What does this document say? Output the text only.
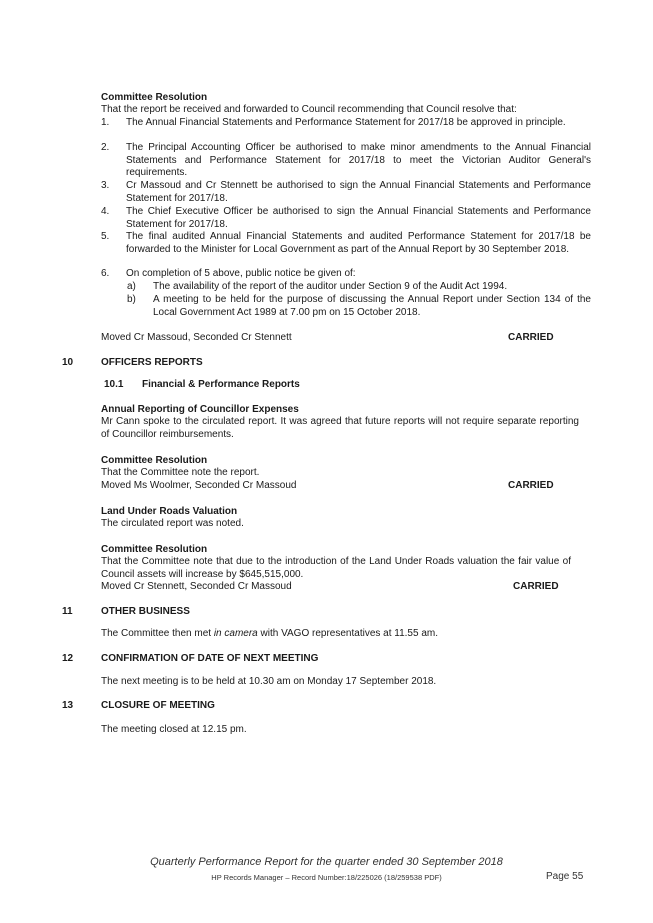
Committee Resolution
That the report be received and forwarded to Council recommending that Council resolve that:
1. The Annual Financial Statements and Performance Statement for 2017/18 be approved in principle.
2. The Principal Accounting Officer be authorised to make minor amendments to the Annual Financial Statements and Performance Statement for 2017/18 to meet the Victorian Auditor General's requirements.
3. Cr Massoud and Cr Stennett be authorised to sign the Annual Financial Statements and Performance Statement for 2017/18.
4. The Chief Executive Officer be authorised to sign the Annual Financial Statements and Performance Statement for 2017/18.
5. The final audited Annual Financial Statements and audited Performance Statement for 2017/18 be forwarded to the Minister for Local Government as part of the Annual Report by 30 September 2018.
6. On completion of 5 above, public notice be given of:
a) The availability of the report of the auditor under Section 9 of the Audit Act 1994.
b) A meeting to be held for the purpose of discussing the Annual Report under Section 134 of the Local Government Act 1989 at 7.00 pm on 15 October 2018.
Moved Cr Massoud, Seconded Cr Stennett	CARRIED
10	OFFICERS REPORTS
10.1 Financial & Performance Reports
Annual Reporting of Councillor Expenses
Mr Cann spoke to the circulated report. It was agreed that future reports will not require separate reporting of Councillor reimbursements.
Committee Resolution
That the Committee note the report.
Moved Ms Woolmer, Seconded Cr Massoud	CARRIED
Land Under Roads Valuation
The circulated report was noted.
Committee Resolution
That the Committee note that due to the introduction of the Land Under Roads valuation the fair value of Council assets will increase by $645,515,000.
Moved Cr Stennett, Seconded Cr Massoud	CARRIED
11	OTHER BUSINESS
The Committee then met in camera with VAGO representatives at 11.55 am.
12	CONFIRMATION OF DATE OF NEXT MEETING
The next meeting is to be held at 10.30 am on Monday 17 September 2018.
13	CLOSURE OF MEETING
The meeting closed at 12.15 pm.
Quarterly Performance Report for the quarter ended 30 September 2018
HP Records Manager – Record Number:18/225026 (18/259538 PDF)	Page 55
